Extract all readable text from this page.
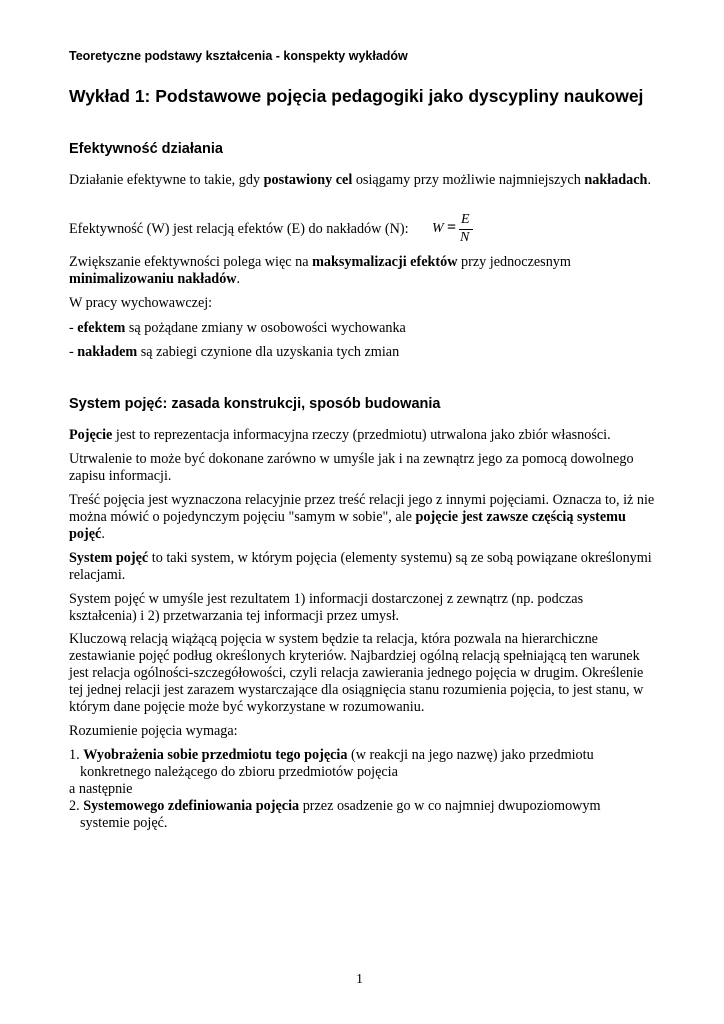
Teoretyczne podstawy kształcenia - konspekty wykładów
Wykład 1: Podstawowe pojęcia pedagogiki jako dyscypliny naukowej
Efektywność działania
Działanie efektywne to takie, gdy postawiony cel osiągamy przy możliwie najmniejszych nakładach.
Efektywność (W) jest relacją efektów (E) do nakładów (N):	W = E
N
Zwiększanie efektywności polega więc na maksymalizacji efektów przy jednoczesnym minimalizowaniu nakładów.
W pracy wychowawczej:
- efektem są pożądane zmiany w osobowości wychowanka
- nakładem są zabiegi czynione dla uzyskania tych zmian
System pojęć: zasada konstrukcji, sposób budowania
Pojęcie jest to reprezentacja informacyjna rzeczy (przedmiotu) utrwalona jako zbiór własności.
Utrwalenie to może być dokonane zarówno w umyśle jak i na zewnątrz jego za pomocą dowolnego zapisu informacji.
Treść pojęcia jest wyznaczona relacyjnie przez treść relacji jego z innymi pojęciami. Oznacza to, iż nie można mówić o pojedynczym pojęciu "samym w sobie", ale pojęcie jest zawsze częścią systemu pojęć.
System pojęć to taki system, w którym pojęcia (elementy systemu) są ze sobą powiązane określonymi relacjami.
System pojęć w umyśle jest rezultatem 1) informacji dostarczonej z zewnątrz (np. podczas kształcenia) i 2) przetwarzania tej informacji przez umysł.
Kluczową relacją wiążącą pojęcia w system będzie ta relacja, która pozwala na hierarchiczne zestawianie pojęć podług określonych kryteriów. Najbardziej ogólną relacją spełniającą ten warunek jest relacja ogólności-szczegółowości, czyli relacja zawierania jednego pojęcia w drugim. Określenie tej jednej relacji jest zarazem wystarczające dla osiągnięcia stanu rozumienia pojęcia, to jest stanu, w którym dane pojęcie może być wykorzystane w rozumowaniu.
Rozumienie pojęcia wymaga:
1. Wyobrażenia sobie przedmiotu tego pojęcia (w reakcji na jego nazwę) jako przedmiotu
konkretnego należącego do zbioru przedmiotów pojęcia
a następnie
2. Systemowego zdefiniowania pojęcia przez osadzenie go w co najmniej dwupoziomowym
systemie pojęć.
1
